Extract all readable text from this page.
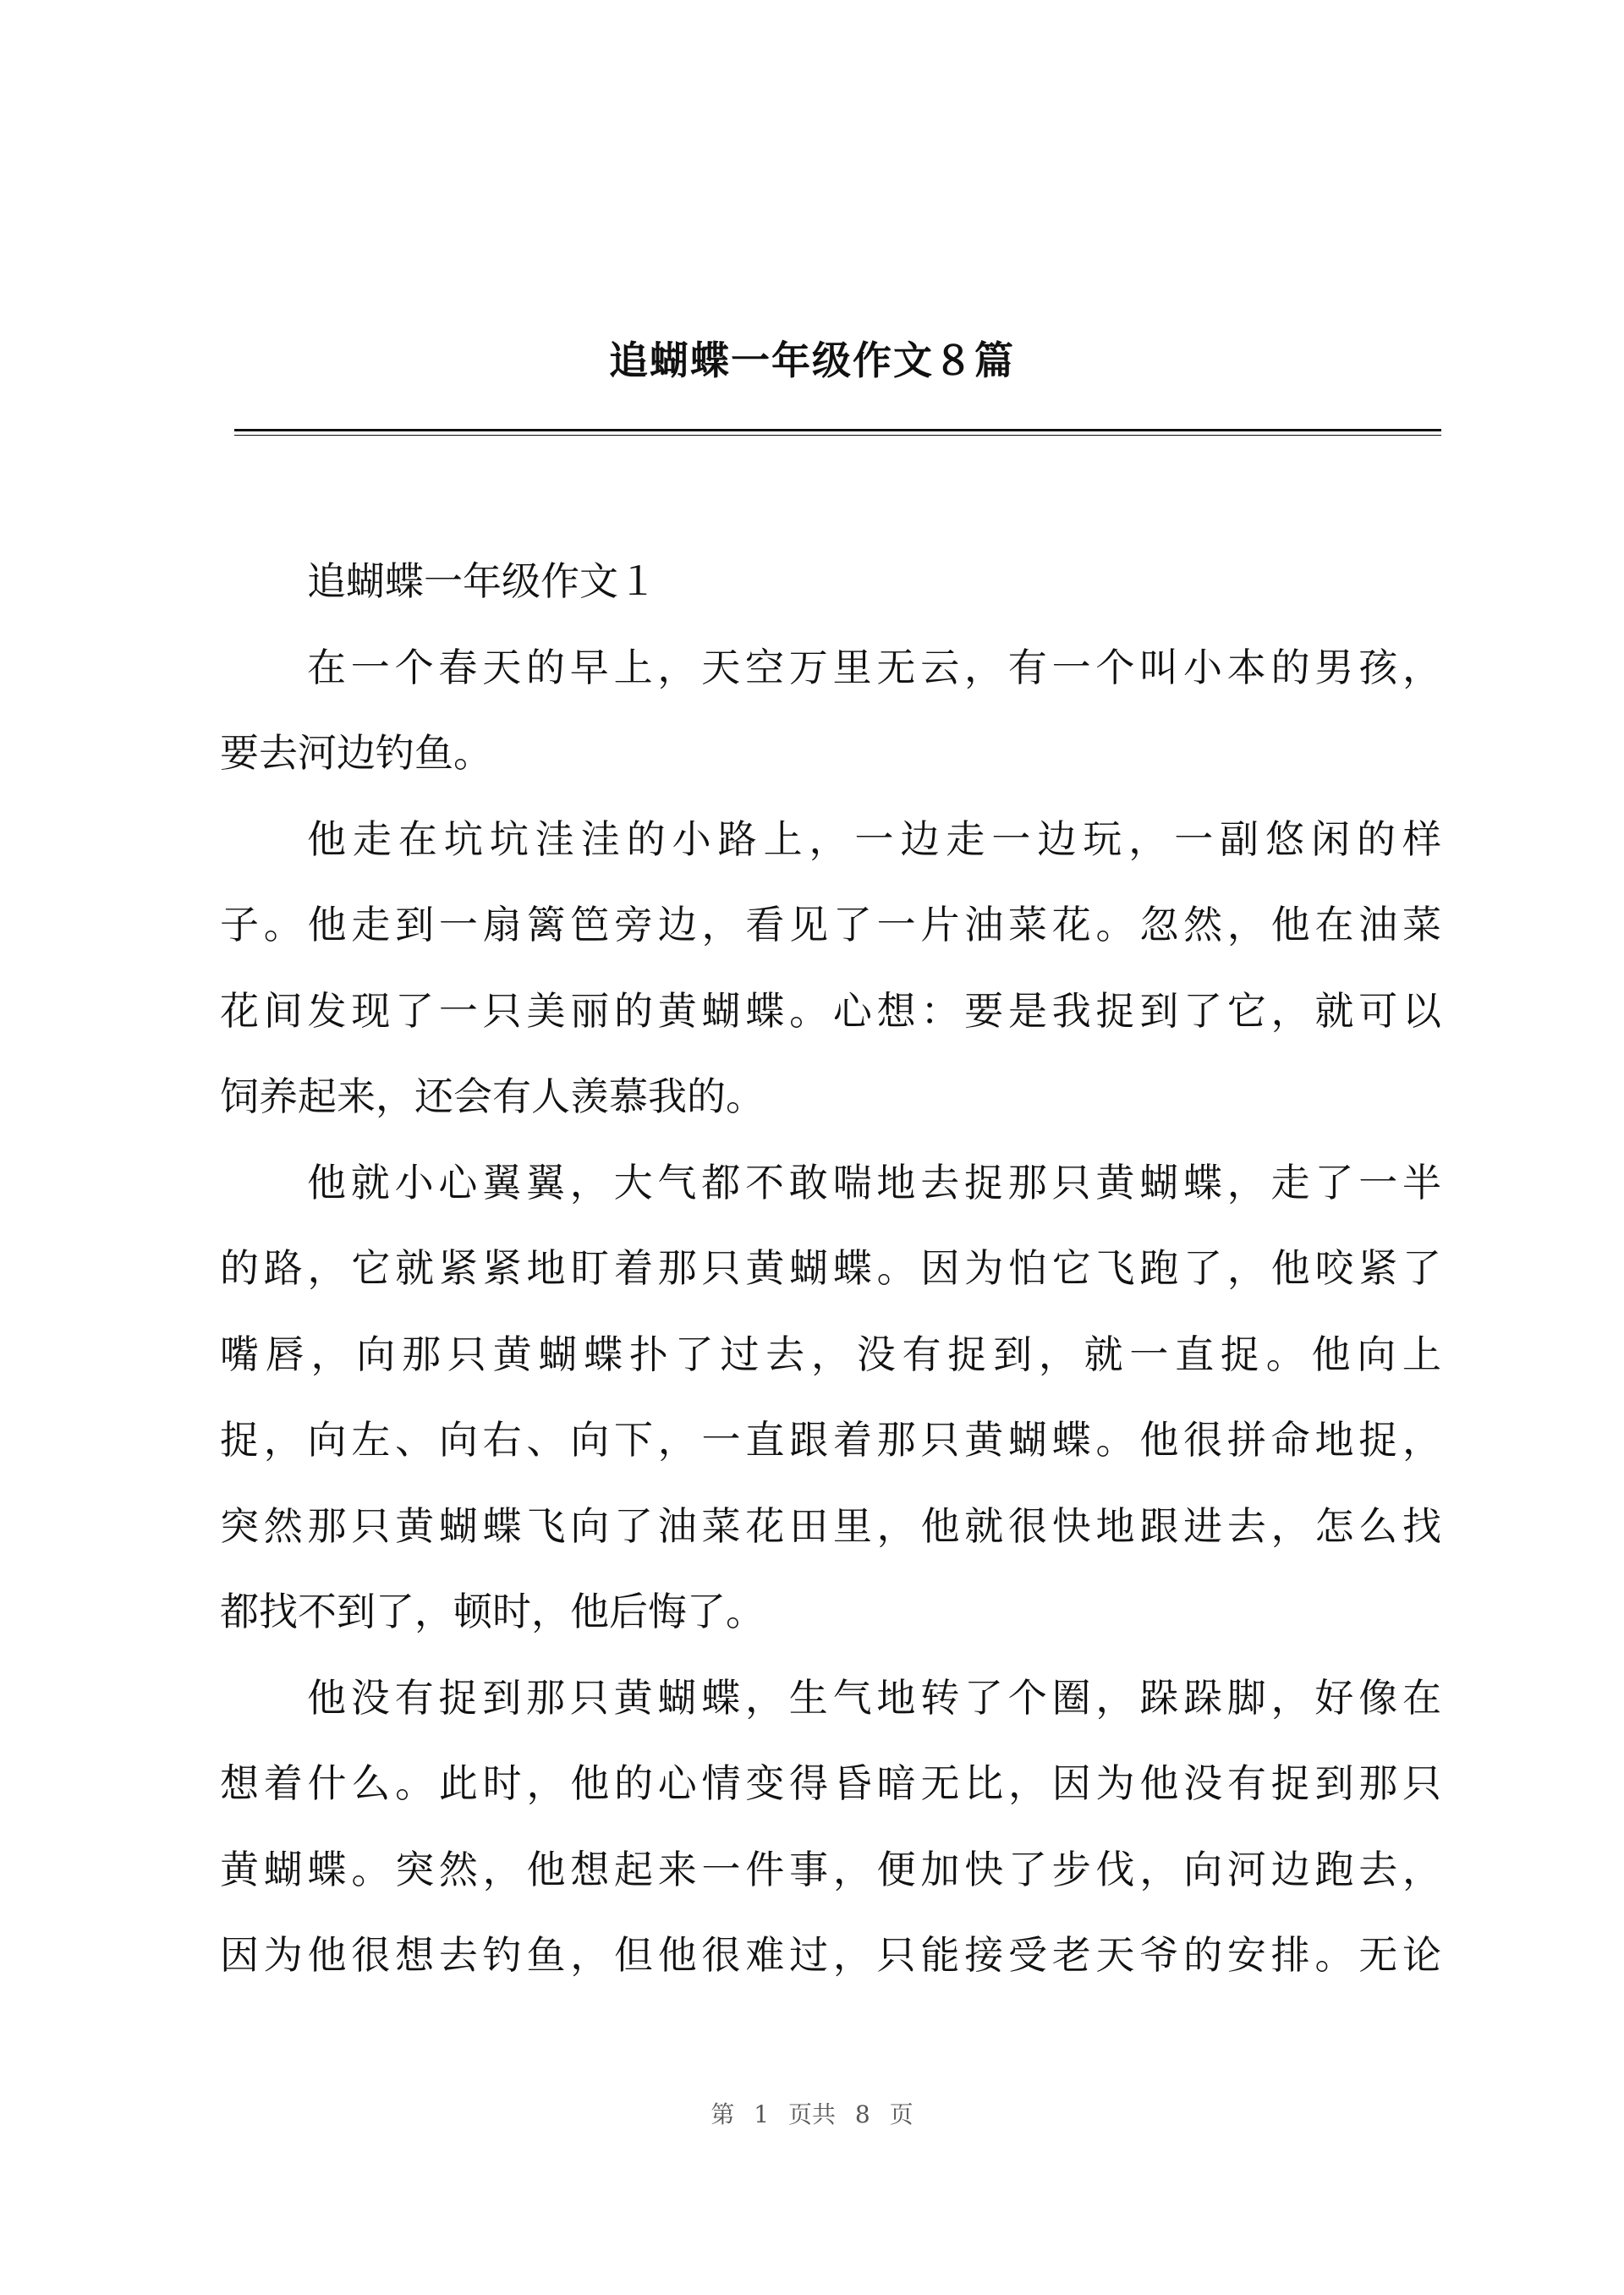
追蝴蝶一年级作文８篇
追蝴蝶一年级作文１
在一个春天的早上，天空万里无云，有一个叫小本的男孩，
要去河边钓鱼。
他走在坑坑洼洼的小路上，一边走一边玩，一副悠闲的样
子。他走到一扇篱笆旁边，看见了一片油菜花。忽然，他在油菜
花间发现了一只美丽的黄蝴蝶。心想：要是我捉到了它，就可以
饲养起来，还会有人羡慕我的。
他就小心翼翼，大气都不敢喘地去捉那只黄蝴蝶，走了一半
的路，它就紧紧地盯着那只黄蝴蝶。因为怕它飞跑了，他咬紧了
嘴唇，向那只黄蝴蝶扑了过去，没有捉到，就一直捉。他向上
捉，向左、向右、向下，一直跟着那只黄蝴蝶。他很拼命地捉，
突然那只黄蝴蝶飞向了油菜花田里，他就很快地跟进去，怎么找
都找不到了，顿时，他后悔了。
他没有捉到那只黄蝴蝶，生气地转了个圈，跺跺脚，好像在
想着什么。此时，他的心情变得昏暗无比，因为他没有捉到那只
黄蝴蝶。突然，他想起来一件事，便加快了步伐，向河边跑去，
因为他很想去钓鱼，但他很难过，只能接受老天爷的安排。无论
第 1 页共 8 页
